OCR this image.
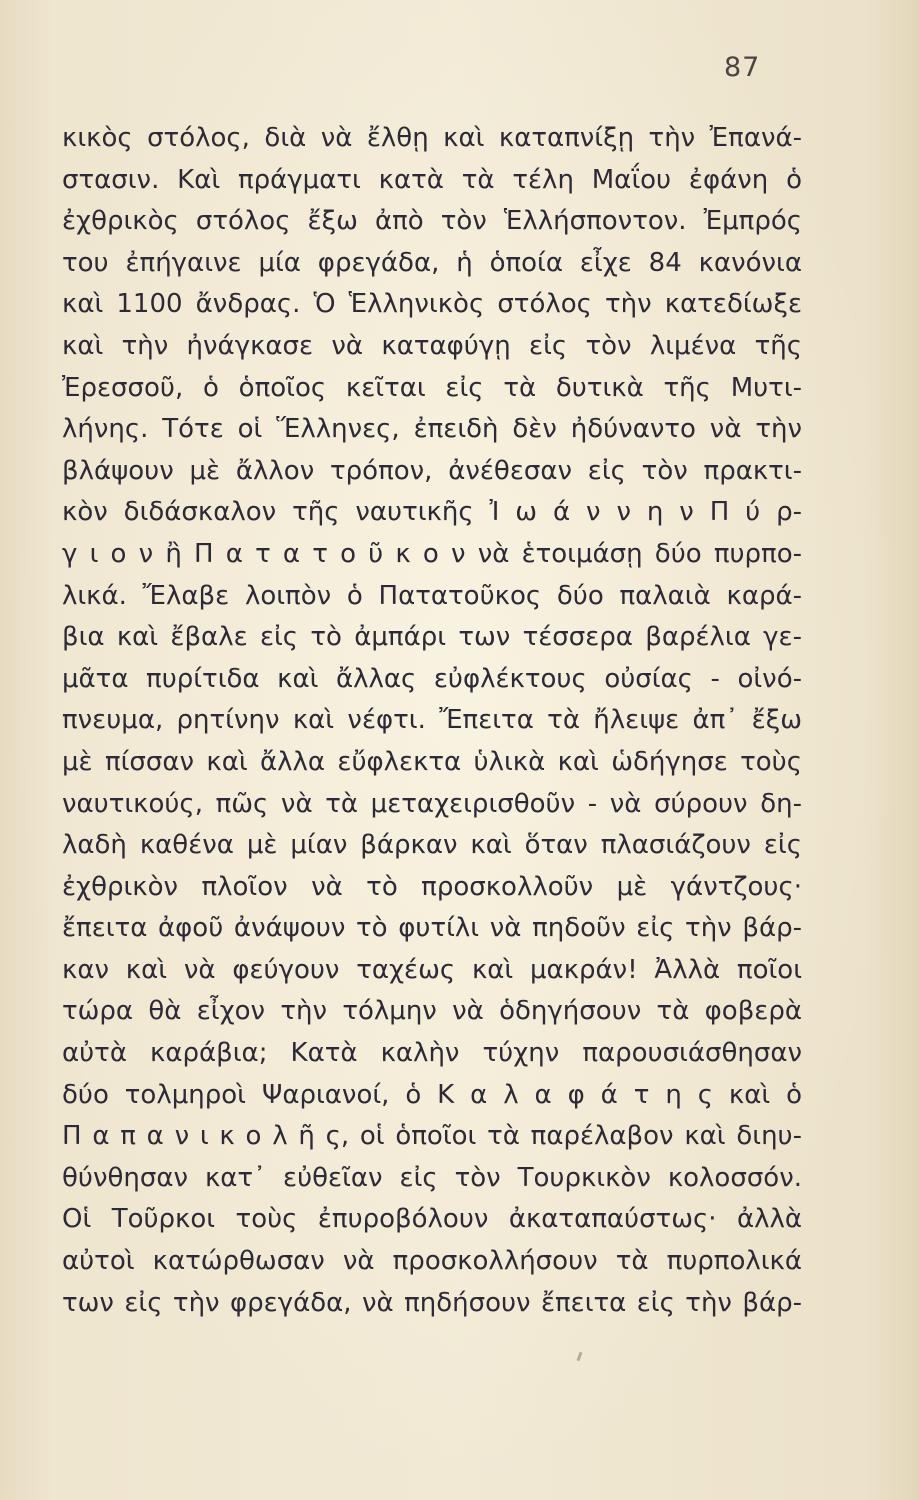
87
κικὸς στόλος, διὰ νὰ ἔλθῃ καὶ καταπνίξῃ τὴν Ἐπανά-
στασιν. Καὶ πράγματι κατὰ τὰ τέλη Μαΐου ἐφάνη ὁ
ἐχθρικὸς στόλος ἔξω ἀπὸ τὸν Ἑλλήσποντον. Ἐμπρός
του ἐπήγαινε μία φρεγάδα, ἡ ὁποία εἶχε 84 κανόνια
καὶ 1100 ἄνδρας. Ὁ Ἑλληνικὸς στόλος τὴν κατεδίωξε
καὶ τὴν ἠνάγκασε νὰ καταφύγῃ εἰς τὸν λιμένα τῆς
Ἐρεσσοῦ, ὁ ὁποῖος κεῖται εἰς τὰ δυτικὰ τῆς Μυτι-
λήνης. Τότε οἱ Ἕλληνες, ἐπειδὴ δὲν ἠδύναντο νὰ τὴν
βλάψουν μὲ ἄλλον τρόπον, ἀνέθεσαν εἰς τὸν πρακτι-
κὸν διδάσκαλον τῆς ναυτικῆς Ἰ ω ά ν ν η ν Π ύ ρ-
γ ι ο ν ἢ Π α τ α τ ο ῦ κ ο ν νὰ ἑτοιμάσῃ δύο πυρπο-
λικά. Ἔλαβε λοιπὸν ὁ Πατατοῦκος δύο παλαιὰ καρά-
βια καὶ ἔβαλε εἰς τὸ ἀμπάρι των τέσσερα βαρέλια γε-
μᾶτα πυρίτιδα καὶ ἄλλας εὐφλέκτους οὐσίας - οἰνό-
πνευμα, ρητίνην καὶ νέφτι. Ἔπειτα τὰ ἤλειψε ἀπ᾽ ἔξω
μὲ πίσσαν καὶ ἄλλα εὔφλεκτα ὑλικὰ καὶ ὡδήγησε τοὺς
ναυτικούς, πῶς νὰ τὰ μεταχειρισθοῦν - νὰ σύρουν δη-
λαδὴ καθένα μὲ μίαν βάρκαν καὶ ὅταν πλασιάζουν εἰς
ἐχθρικὸν πλοῖον νὰ τὸ προσκολλοῦν μὲ γάντζους·
ἔπειτα ἀφοῦ ἀνάψουν τὸ φυτίλι νὰ πηδοῦν εἰς τὴν βάρ-
καν καὶ νὰ φεύγουν ταχέως καὶ μακράν! Ἀλλὰ ποῖοι
τώρα θὰ εἶχον τὴν τόλμην νὰ ὁδηγήσουν τὰ φοβερὰ
αὐτὰ καράβια; Κατὰ καλὴν τύχην παρουσιάσθησαν
δύο τολμηροὶ Ψαριανοί, ὁ Κ α λ α φ ά τ η ς καὶ ὁ
Π α π α ν ι κ ο λ ῆ ς, οἱ ὁποῖοι τὰ παρέλαβον καὶ διηυ-
θύνθησαν κατ᾽ εὐθεῖαν εἰς τὸν Τουρκικὸν κολοσσόν.
Οἱ Τοῦρκοι τοὺς ἐπυροβόλουν ἀκαταπαύστως· ἀλλὰ
αὐτοὶ κατώρθωσαν νὰ προσκολλήσουν τὰ πυρπολικά
των εἰς τὴν φρεγάδα, νὰ πηδήσουν ἔπειτα εἰς τὴν βάρ-
